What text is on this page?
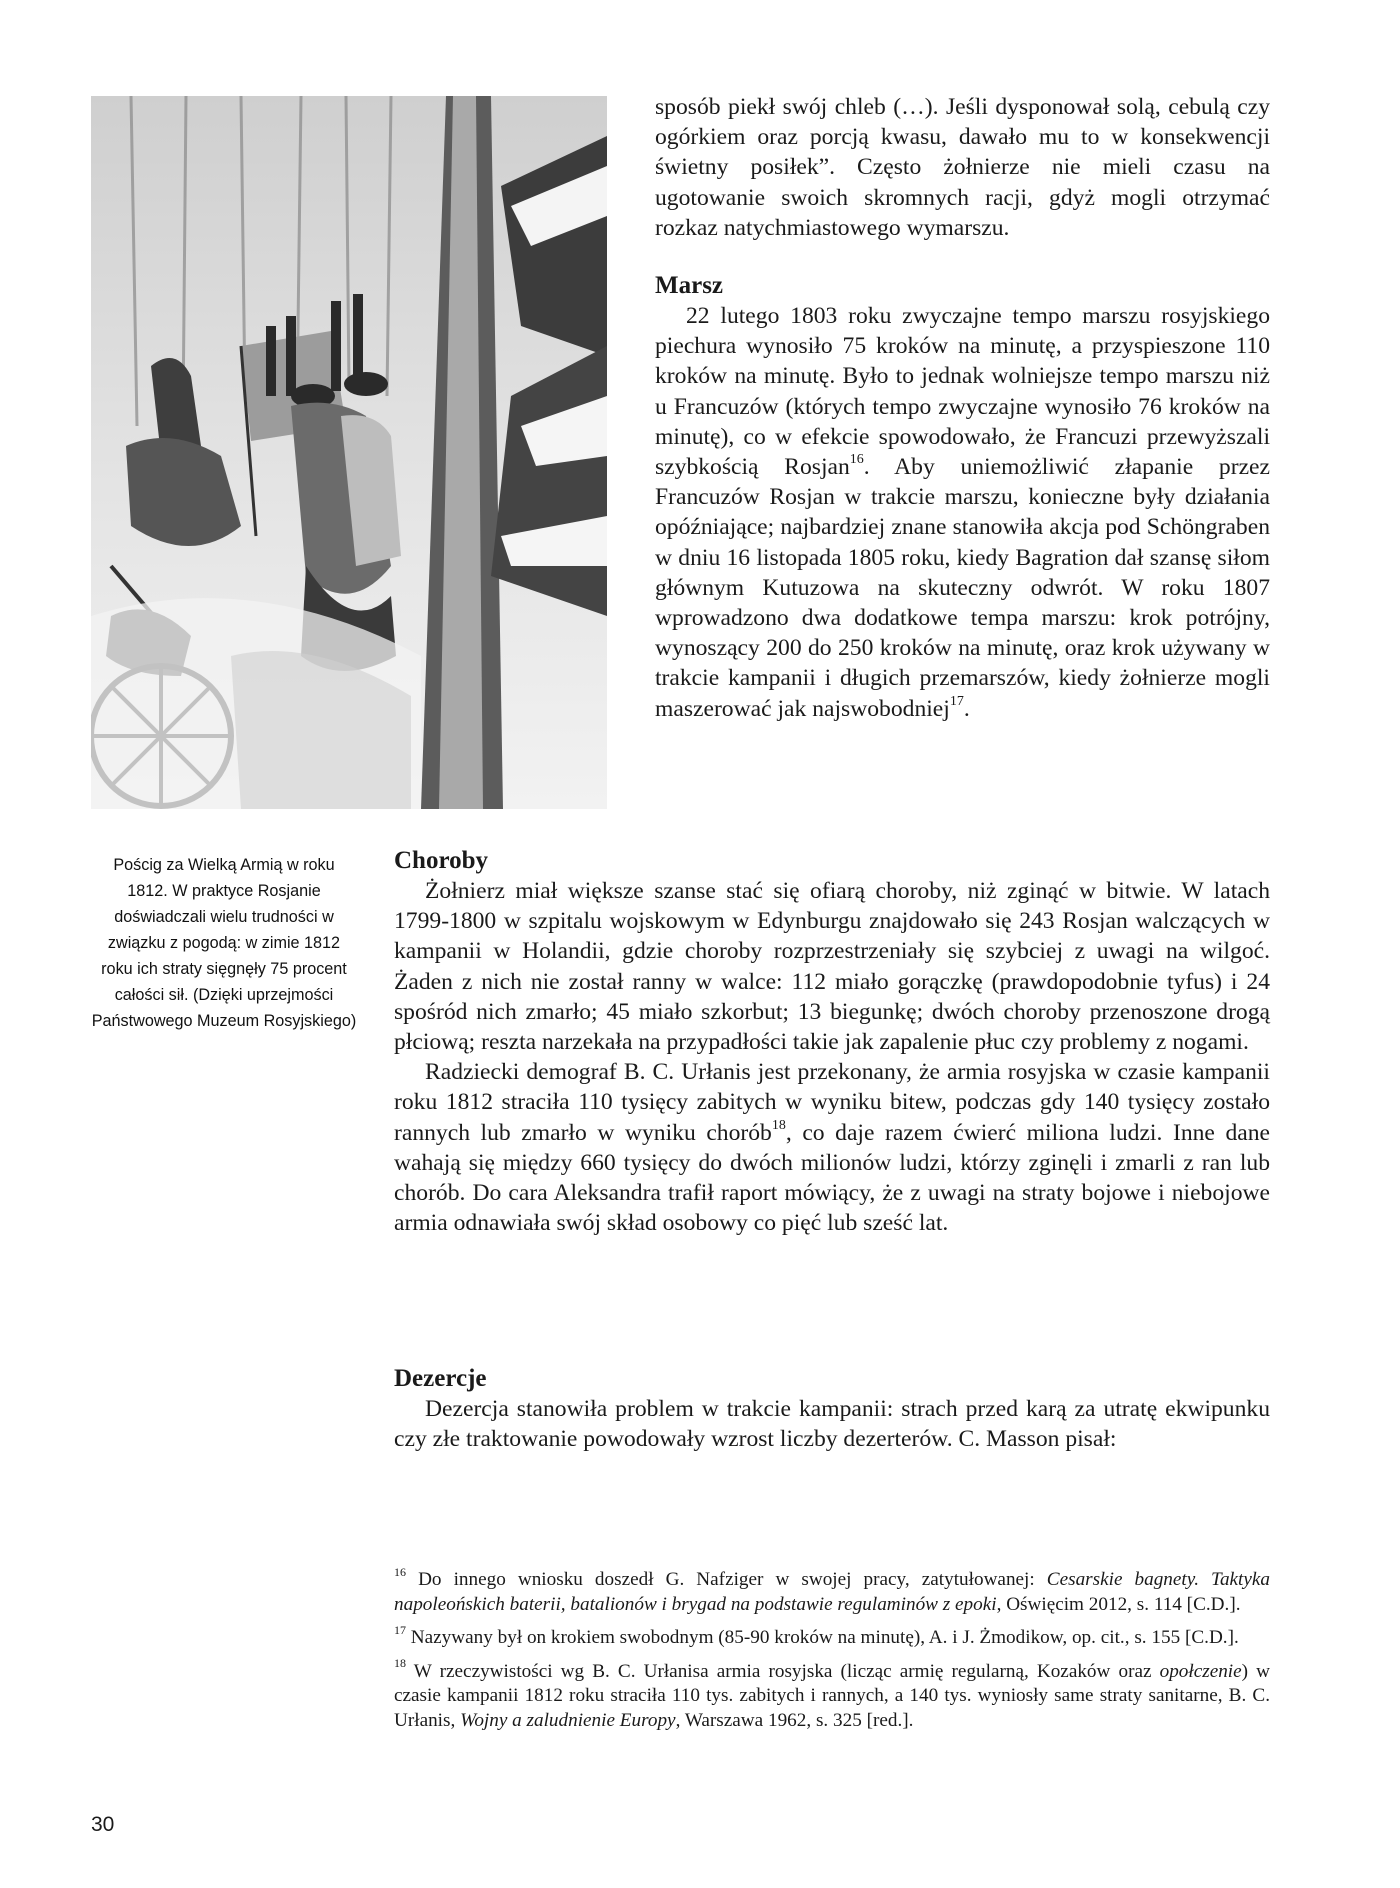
Pościg za Wielką Armią w roku 1812. W praktyce Rosjanie doświadczali wielu trudności w związku z pogodą: w zimie 1812 roku ich straty sięgnęły 75 procent całości sił. (Dzięki uprzejmości Państwowego Muzeum Rosyjskiego)

sposób piekł swój chleb (…). Jeśli dysponował solą, cebulą czy ogórkiem oraz porcją kwasu, dawało mu to w konsekwencji świetny posiłek”. Często żołnierze nie mieli czasu na ugotowanie swoich skromnych racji, gdyż mogli otrzymać rozkaz natychmiastowego wymarszu.

Marsz

22 lutego 1803 roku zwyczajne tempo marszu rosyjskiego piechura wynosiło 75 kroków na minutę, a przyspieszone 110 kroków na minutę. Było to jednak wolniejsze tempo marszu niż u Francuzów (których tempo zwyczajne wynosiło 76 kroków na minutę), co w efekcie spowodowało, że Francuzi przewyższali szybkością Rosjan$^{16}$. Aby uniemożliwić złapanie przez Francuzów Rosjan w trakcie marszu, konieczne były działania opóźniające; najbardziej znane stanowiła akcja pod Schöngraben w dniu 16 listopada 1805 roku, kiedy Bagration dał szansę siłom głównym Kutuzowa na skuteczny odwrót. W roku 1807 wprowadzono dwa dodatkowe tempa marszu: krok potrójny, wynoszący 200 do 250 kroków na minutę, oraz krok używany w trakcie kampanii i długich przemarszów, kiedy żołnierze mogli maszerować jak najswobodniej$^{17}$.

Choroby

Żołnierz miał większe szanse stać się ofiarą choroby, niż zginąć w bitwie. W latach 1799-1800 w szpitalu wojskowym w Edynburgu znajdowało się 243 Rosjan walczących w kampanii w Holandii, gdzie choroby rozprzestrzeniały się szybciej z uwagi na wilgoć. Żaden z nich nie został ranny w walce: 112 miało gorączkę (prawdopodobnie tyfus) i 24 spośród nich zmarło; 45 miało szkorbut; 13 biegunkę; dwóch choroby przenoszone drogą płciową; reszta narzekała na przypadłości takie jak zapalenie płuc czy problemy z nogami.

Radziecki demograf B. C. Urłanis jest przekonany, że armia rosyjska w czasie kampanii roku 1812 straciła 110 tysięcy zabitych w wyniku bitew, podczas gdy 140 tysięcy zostało rannych lub zmarło w wyniku chorób$^{18}$, co daje razem ćwierć miliona ludzi. Inne dane wahają się między 660 tysięcy do dwóch milionów ludzi, którzy zginęli i zmarli z ran lub chorób. Do cara Aleksandra trafił raport mówiący, że z uwagi na straty bojowe i niebojowe armia odnawiała swój skład osobowy co pięć lub sześć lat.

Dezercje

Dezercja stanowiła problem w trakcie kampanii: strach przed karą za utratę ekwipunku czy złe traktowanie powodowały wzrost liczby dezerterów. C. Masson pisał:

$^{16}$ Do innego wniosku doszedł G. Nafziger w swojej pracy, zatytułowanej: Cesarskie bagnety. Taktyka napoleońskich baterii, batalionów i brygad na podstawie regulaminów z epoki, Oświęcim 2012, s. 114 [C.D.].

$^{17}$ Nazywany był on krokiem swobodnym (85-90 kroków na minutę), A. i J. Żmodikow, op. cit., s. 155 [C.D.].

$^{18}$ W rzeczywistości wg B. C. Urłanisa armia rosyjska (licząc armię regularną, Kozaków oraz opołczenie) w czasie kampanii 1812 roku straciła 110 tys. zabitych i rannych, a 140 tys. wyniosły same straty sanitarne, B. C. Urłanis, Wojny a zaludnienie Europy, Warszawa 1962, s. 325 [red.].

30
